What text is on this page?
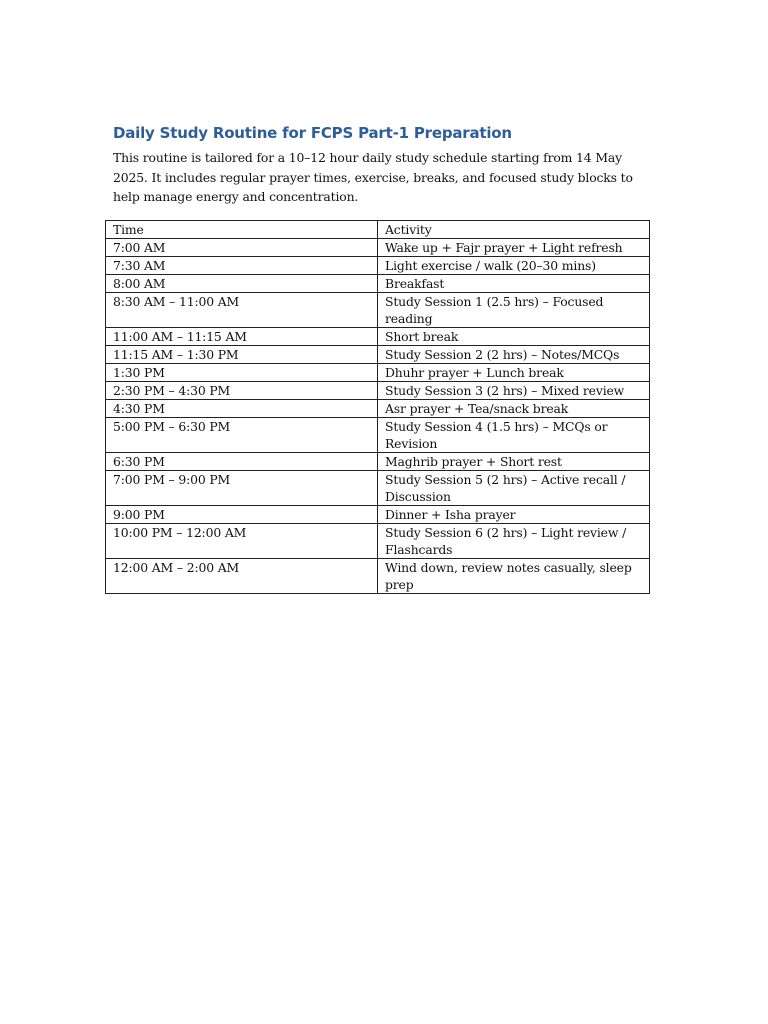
Daily Study Routine for FCPS Part-1 Preparation

This routine is tailored for a 10–12 hour daily study schedule starting from 14 May 2025. It includes regular prayer times, exercise, breaks, and focused study blocks to help manage energy and concentration.

Time	Activity
7:00 AM	Wake up + Fajr prayer + Light refresh
7:30 AM	Light exercise / walk (20–30 mins)
8:00 AM	Breakfast
8:30 AM – 11:00 AM	Study Session 1 (2.5 hrs) – Focused reading
11:00 AM – 11:15 AM	Short break
11:15 AM – 1:30 PM	Study Session 2 (2 hrs) – Notes/MCQs
1:30 PM	Dhuhr prayer + Lunch break
2:30 PM – 4:30 PM	Study Session 3 (2 hrs) – Mixed review
4:30 PM	Asr prayer + Tea/snack break
5:00 PM – 6:30 PM	Study Session 4 (1.5 hrs) – MCQs or Revision
6:30 PM	Maghrib prayer + Short rest
7:00 PM – 9:00 PM	Study Session 5 (2 hrs) – Active recall / Discussion
9:00 PM	Dinner + Isha prayer
10:00 PM – 12:00 AM	Study Session 6 (2 hrs) – Light review / Flashcards
12:00 AM – 2:00 AM	Wind down, review notes casually, sleep prep
